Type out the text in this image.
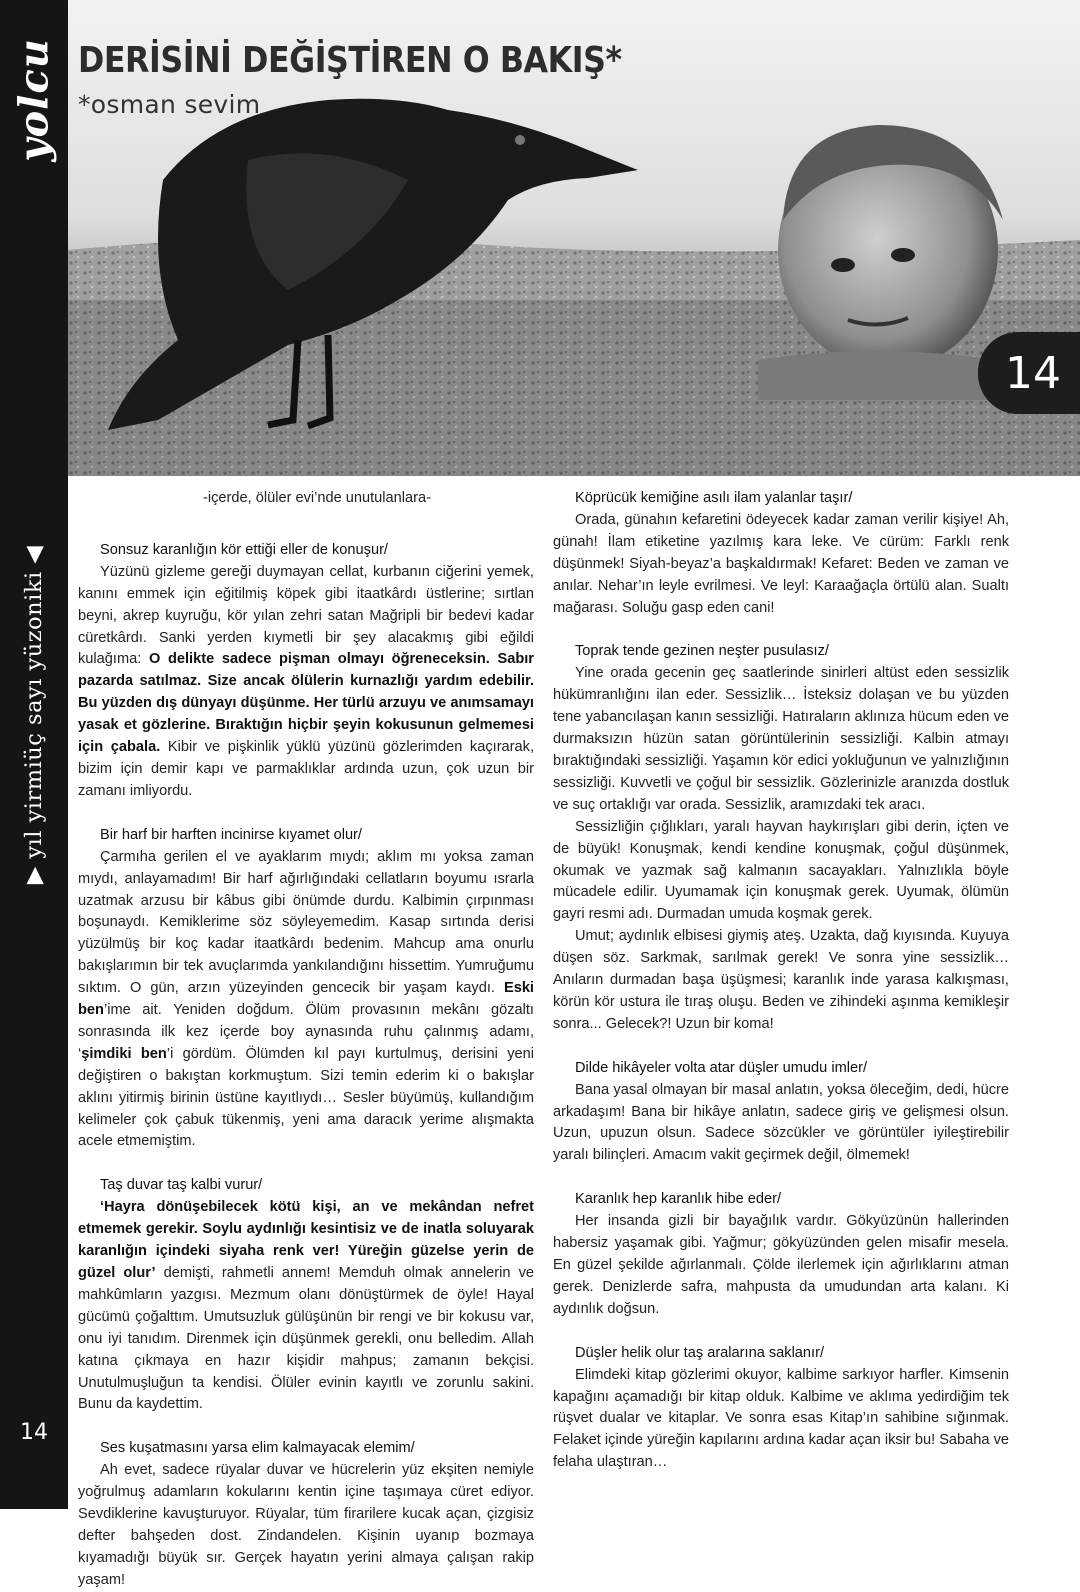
yolcu
▶ yıl yirmiüç sayı yüzoniki ◀
14
DERİSİNİ DEĞİŞTİREN O BAKIŞ*
*osman sevim
14
-içerde, ölüler evi’nde unutulanlara-
Sonsuz karanlığın kör ettiği eller de konuşur/

Yüzünü gizleme gereği duymayan cellat, kurbanın ciğerini yemek, kanını emmek için eğitilmiş köpek gibi itaatkârdı üstlerine; sırtlan beyni, akrep kuyruğu, kör yılan zehri satan Mağripli bir bedevi kadar cüretkârdı. Sanki yerden kıymetli bir şey alacakmış gibi eğildi kulağıma: O delikte sadece pişman olmayı öğreneceksin. Sabır pazarda satılmaz. Size ancak ölülerin kurnazlığı yardım edebilir. Bu yüzden dış dünyayı düşünme. Her türlü arzuyu ve anımsamayı yasak et gözlerine. Bıraktığın hiçbir şeyin kokusunun gelmemesi için çabala. Kibir ve pişkinlik yüklü yüzünü gözlerimden kaçırarak, bizim için demir kapı ve parmaklıklar ardında uzun, çok uzun bir zamanı imliyordu.

Bir harf bir harften incinirse kıyamet olur/

Çarmıha gerilen el ve ayaklarım mıydı; aklım mı yoksa zaman mıydı, anlayamadım! Bir harf ağırlığındaki cellatların boyumu ısrarla uzatmak arzusu bir kâbus gibi önümde durdu. Kalbimin çırpınması boşunaydı. Kemiklerime söz söyleyemedim. Kasap sırtında derisi yüzülmüş bir koç kadar itaatkârdı bedenim. Mahcup ama onurlu bakışlarımın bir tek avuçlarımda yankılandığını hissettim. Yumruğumu sıktım. O gün, arzın yüzeyinden gencecik bir yaşam kaydı. Eski ben’ime ait. Yeniden doğdum. Ölüm provasının mekânı gözaltı sonrasında ilk kez içerde boy aynasında ruhu çalınmış adamı, ‘şimdiki ben’i gördüm. Ölümden kıl payı kurtulmuş, derisini yeni değiştiren o bakıştan korkmuştum. Sizi temin ederim ki o bakışlar aklını yitirmiş birinin üstüne kayıtlıydı… Sesler büyümüş, kullandığım kelimeler çok çabuk tükenmiş, yeni ama daracık yerime alışmakta acele etmemiştim.

Taş duvar taş kalbi vurur/

‘Hayra dönüşebilecek kötü kişi, an ve mekândan nefret etmemek gerekir. Soylu aydınlığı kesintisiz ve de inatla soluyarak karanlığın içindeki siyaha renk ver! Yüreğin güzelse yerin de güzel olur’ demişti, rahmetli annem! Memduh olmak annelerin ve mahkûmların yazgısı. Mezmum olanı dönüştürmek de öyle! Hayal gücümü çoğalttım. Umutsuzluk gülüşünün bir rengi ve bir kokusu var, onu iyi tanıdım. Direnmek için düşünmek gerekli, onu belledim. Allah katına çıkmaya en hazır kişidir mahpus; zamanın bekçisi. Unutulmuşluğun ta kendisi. Ölüler evinin kayıtlı ve zorunlu sakini. Bunu da kaydettim.

Ses kuşatmasını yarsa elim kalmayacak elemim/

Ah evet, sadece rüyalar duvar ve hücrelerin yüz ekşiten nemiyle yoğrulmuş adamların kokularını kentin içine taşımaya cüret ediyor. Sevdiklerine kavuşturuyor. Rüyalar, tüm firarilere kucak açan, çizgisiz defter bahşeden dost. Zindandelen. Kişinin uyanıp bozmaya kıyamadığı büyük sır. Gerçek hayatın yerini almaya çalışan rakip yaşam!

Köprücük kemiğine asılı ilam yalanlar taşır/

Orada, günahın kefaretini ödeyecek kadar zaman verilir kişiye! Ah, günah! İlam etiketine yazılmış kara leke. Ve cürüm: Farklı renk düşünmek! Siyah-beyaz’a başkaldırmak! Kefaret: Beden ve zaman ve anılar. Nehar’ın leyle evrilmesi. Ve leyl: Karaağaçla örtülü alan. Sualtı mağarası. Soluğu gasp eden cani!

Toprak tende gezinen neşter pusulasız/

Yine orada gecenin geç saatlerinde sinirleri altüst eden sessizlik hükümranlığını ilan eder. Sessizlik… İsteksiz dolaşan ve bu yüzden tene yabancılaşan kanın sessizliği. Hatıraların aklınıza hücum eden ve durmaksızın hüzün satan görüntülerinin sessizliği. Kalbin atmayı bıraktığındaki sessizliği. Yaşamın kör edici yokluğunun ve yalnızlığının sessizliği. Kuvvetli ve çoğul bir sessizlik. Gözlerinizle aranızda dostluk ve suç ortaklığı var orada. Sessizlik, aramızdaki tek aracı.

Sessizliğin çığlıkları, yaralı hayvan haykırışları gibi derin, içten ve de büyük! Konuşmak, kendi kendine konuşmak, çoğul düşünmek, okumak ve yazmak sağ kalmanın sacayakları. Yalnızlıkla böyle mücadele edilir. Uyumamak için konuşmak gerek. Uyumak, ölümün gayri resmi adı. Durmadan umuda koşmak gerek.

Umut; aydınlık elbisesi giymiş ateş. Uzakta, dağ kıyısında. Kuyuya düşen söz. Sarkmak, sarılmak gerek! Ve sonra yine sessizlik… Anıların durmadan başa üşüşmesi; karanlık inde yarasa kalkışması, körün kör ustura ile tıraş oluşu. Beden ve zihindeki aşınma kemikleşir sonra... Gelecek?! Uzun bir koma!

Dilde hikâyeler volta atar düşler umudu imler/

Bana yasal olmayan bir masal anlatın, yoksa öleceğim, dedi, hücre arkadaşım! Bana bir hikâye anlatın, sadece giriş ve gelişmesi olsun. Uzun, upuzun olsun. Sadece sözcükler ve görüntüler iyileştirebilir yaralı bilinçleri. Amacım vakit geçirmek değil, ölmemek!

Karanlık hep karanlık hibe eder/

Her insanda gizli bir bayağılık vardır. Gökyüzünün hallerinden habersiz yaşamak gibi. Yağmur; gökyüzünden gelen misafir mesela. En güzel şekilde ağırlanmalı. Çölde ilerlemek için ağırlıklarını atman gerek. Denizlerde safra, mahpusta da umudundan arta kalanı. Ki aydınlık doğsun.

Düşler helik olur taş aralarına saklanır/

Elimdeki kitap gözlerimi okuyor, kalbime sarkıyor harfler. Kimsenin kapağını açamadığı bir kitap olduk. Kalbime ve aklıma yedirdiğim tek rüşvet dualar ve kitaplar. Ve sonra esas Kitap’ın sahibine sığınmak. Felaket içinde yüreğin kapılarını ardına kadar açan iksir bu! Sabaha ve felaha ulaştıran…
